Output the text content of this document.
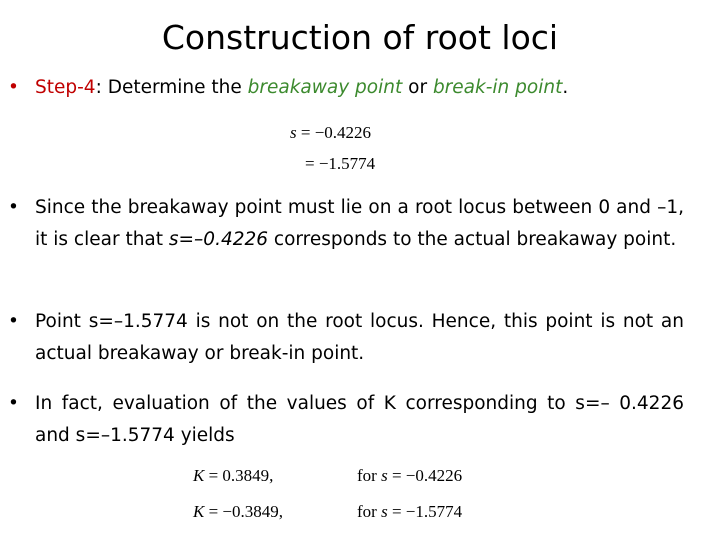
Construction of root loci
• Step-4: Determine the breakaway point or break-in point.
s = −0.4226
= −1.5774
• Since the breakaway point must lie on a root locus between 0 and –1, it is clear that s=–0.4226 corresponds to the actual breakaway point.
• Point s=–1.5774 is not on the root locus. Hence, this point is not an actual breakaway or break-in point.
• In fact, evaluation of the values of K corresponding to s=– 0.4226 and s=–1.5774 yields
K = 0.3849,	for s = −0.4226
K = −0.3849,	for s = −1.5774
